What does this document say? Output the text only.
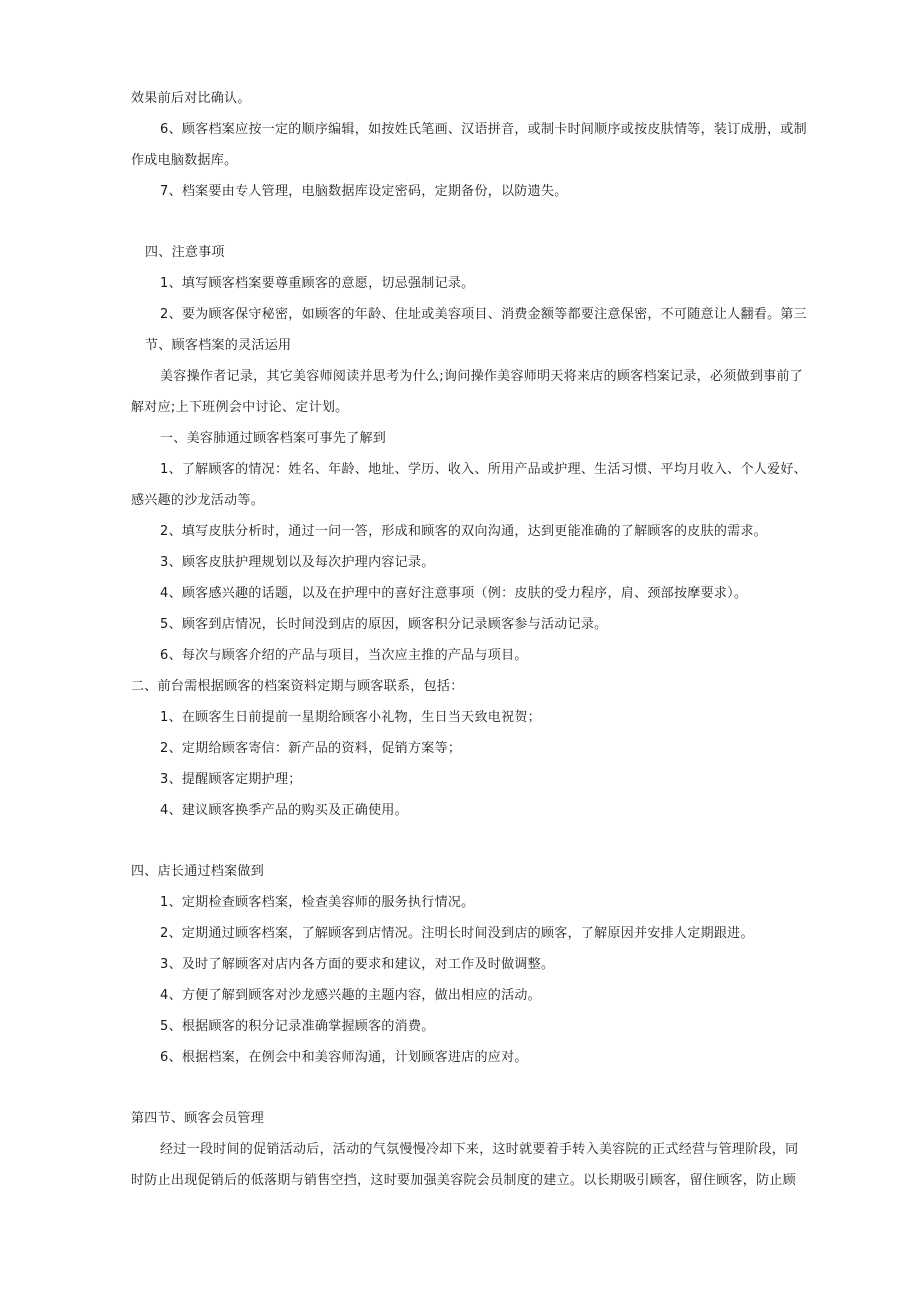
效果前后对比确认。

6、顾客档案应按一定的顺序编辑，如按姓氏笔画、汉语拼音，或制卡时间顺序或按皮肤情等，装订成册，或制

作成电脑数据库。

7、档案要由专人管理，电脑数据库设定密码，定期备份，以防遗失。

四、注意事项

1、填写顾客档案要尊重顾客的意愿，切忌强制记录。

2、要为顾客保守秘密，如顾客的年龄、住址或美容项目、消费金额等都要注意保密，不可随意让人翻看。第三

节、顾客档案的灵活运用

美容操作者记录，其它美容师阅读并思考为什么;询问操作美容师明天将来店的顾客档案记录，必须做到事前了

解对应;上下班例会中讨论、定计划。

一、美容肺通过顾客档案可事先了解到

1、了解顾客的情况：姓名、年龄、地址、学历、收入、所用产品或护理、生活习惯、平均月收入、个人爱好、

感兴趣的沙龙活动等。

2、填写皮肤分析时，通过一问一答，形成和顾客的双向沟通，达到更能准确的了解顾客的皮肤的需求。

3、顾客皮肤护理规划以及每次护理内容记录。

4、顾客感兴趣的话题，以及在护理中的喜好注意事项（例：皮肤的受力程序，肩、颈部按摩要求）。

5、顾客到店情况，长时间没到店的原因，顾客积分记录顾客参与活动记录。

6、每次与顾客介绍的产品与项目，当次应主推的产品与项目。

二、前台需根据顾客的档案资料定期与顾客联系，包括：

1、在顾客生日前提前一星期给顾客小礼物，生日当天致电祝贺；

2、定期给顾客寄信：新产品的资料，促销方案等；

3、提醒顾客定期护理；

4、建议顾客换季产品的购买及正确使用。

四、店长通过档案做到

1、定期检查顾客档案，检查美容师的服务执行情况。

2、定期通过顾客档案，了解顾客到店情况。注明长时间没到店的顾客，了解原因并安排人定期跟进。

3、及时了解顾客对店内各方面的要求和建议，对工作及时做调整。

4、方便了解到顾客对沙龙感兴趣的主题内容，做出相应的活动。

5、根据顾客的积分记录准确掌握顾客的消费。

6、根据档案，在例会中和美容师沟通，计划顾客进店的应对。

第四节、顾客会员管理

经过一段时间的促销活动后，活动的气氛慢慢冷却下来，这时就要着手转入美容院的正式经营与管理阶段，同

时防止出现促销后的低落期与销售空挡，这时要加强美容院会员制度的建立。以长期吸引顾客，留住顾客，防止顾
